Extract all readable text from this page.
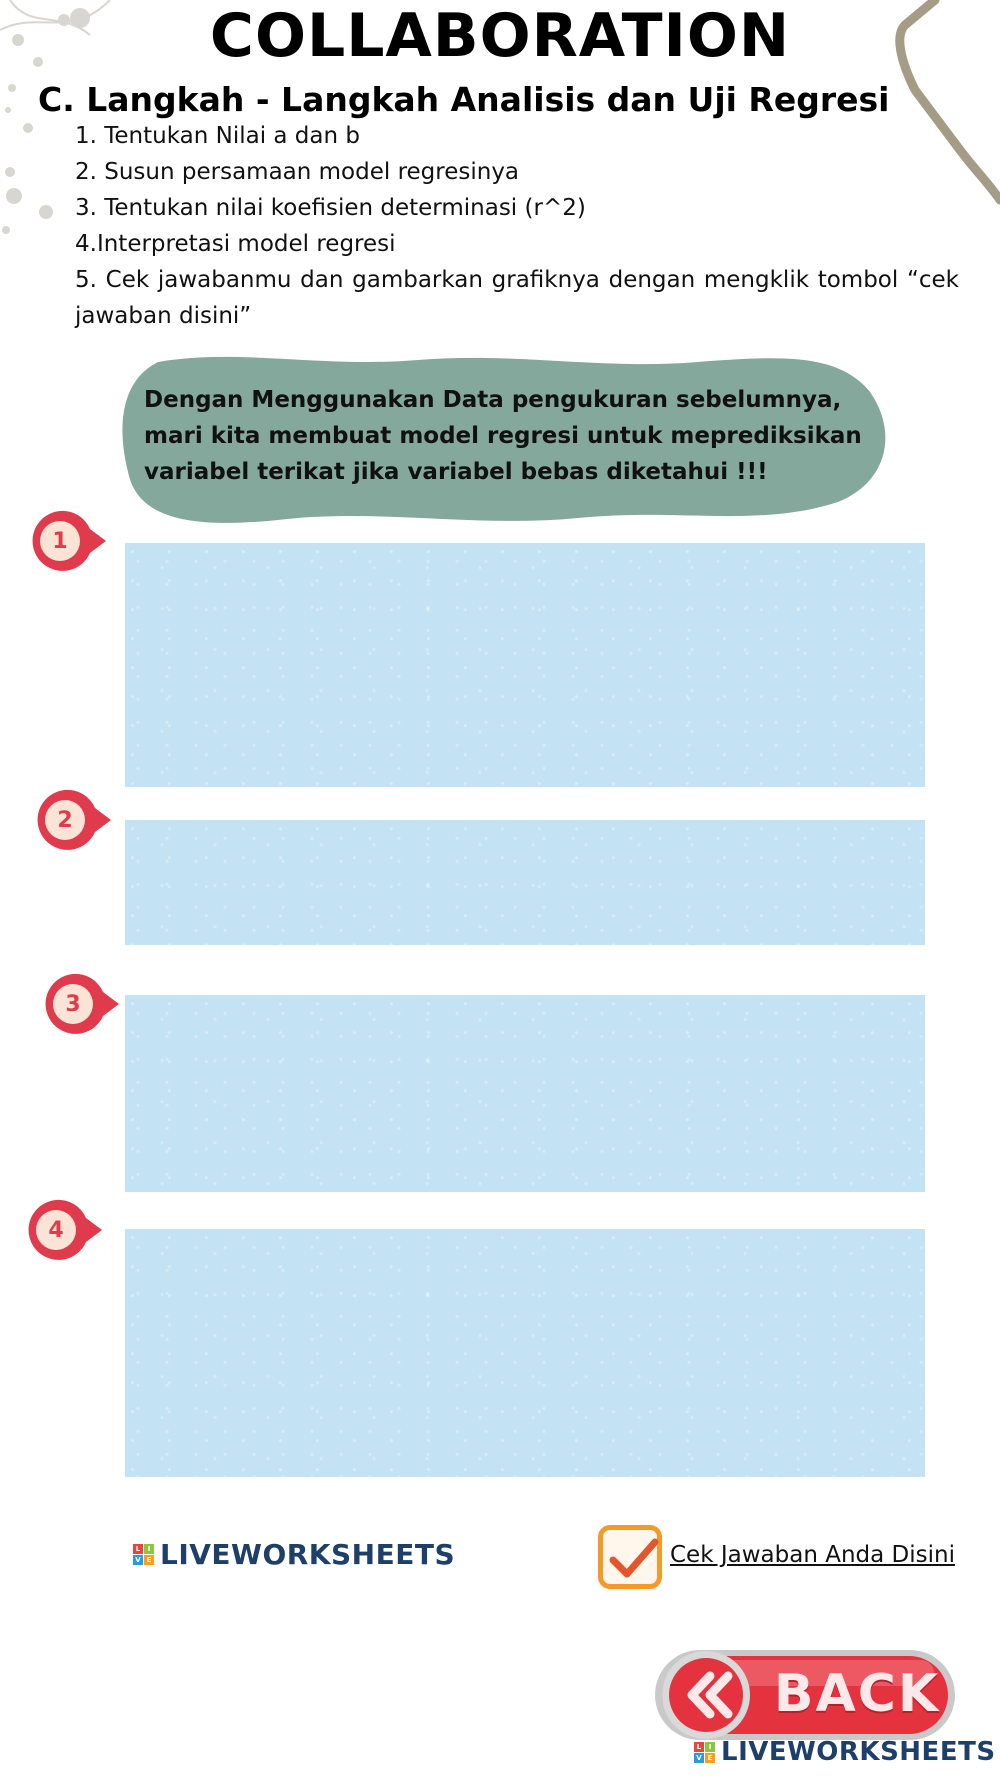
COLLABORATION
C. Langkah - Langkah Analisis dan Uji Regresi

1. Tentukan Nilai a dan b

2. Susun persamaan model regresinya

3. Tentukan nilai koefisien determinasi (r^2)

4.Interpretasi model regresi

5. Cek jawabanmu dan gambarkan grafiknya dengan mengklik tombol “cek jawaban disini”

Dengan Menggunakan Data pengukuran sebelumnya, mari kita membuat model regresi untuk meprediksikan variabel terikat jika variabel bebas diketahui !!!
1
2
3
4
L	I
V E LIVEWORKSHEETS	Cek Jawaban Anda Disini
BACK
L	I
V E LIVEWORKSHEETS
